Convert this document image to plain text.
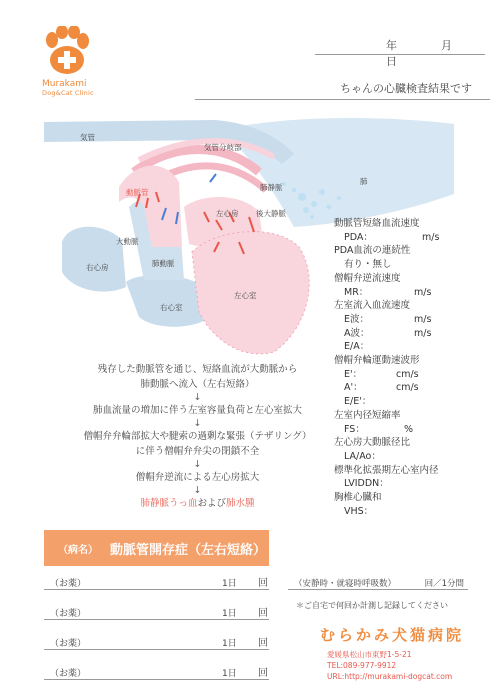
Murakami
Dog&Cat Clinic
年	月  日
ちゃんの心臓検査結果です
気管
気管分岐部
肺
動脈管
大動脈
肺静脈
左心房 後大静脈
右心房	肺動脈
右心室
左心室
動脈管短絡血流速度
PDA：	m/s
PDA血流の連続性
有り・無し
僧帽弁逆流速度
MR：	m/s
左室流入血流速度
E波：	m/s
A波：	m/s
E/A：
僧帽弁輪運動速波形
E'：	cm/s
A'：	cm/s
E/E'：
左室内径短縮率
FS：	%
左心房大動脈径比
LA/Ao：
標準化拡張期左心室内径
LVIDDN：
胸椎心臓和
VHS：
残存した動脈管を通じ、短絡血流が大動脈から
肺動脈へ流入（左右短絡）
↓
肺血流量の増加に伴う左室容量負荷と左心室拡大
↓
僧帽弁弁輪部拡大や腱索の過剰な緊張（テザリング）
に伴う僧帽弁弁尖の閉鎖不全
↓
僧帽弁逆流による左心房拡大
↓
肺静脈うっ血および肺水腫
（病名） 動脈管開存症（左右短絡）
（お薬）	1日 回
（お薬）	1日 回
（お薬）	1日 回
（お薬）	1日 回
（安静時・就寝時呼吸数）	回／1分間
＊ご自宅で何回か計測し記録してください
むらかみ犬猫病院
愛媛県松山市東野1-5-21
TEL:089-977-9912
URL:http://murakami-dogcat.com
